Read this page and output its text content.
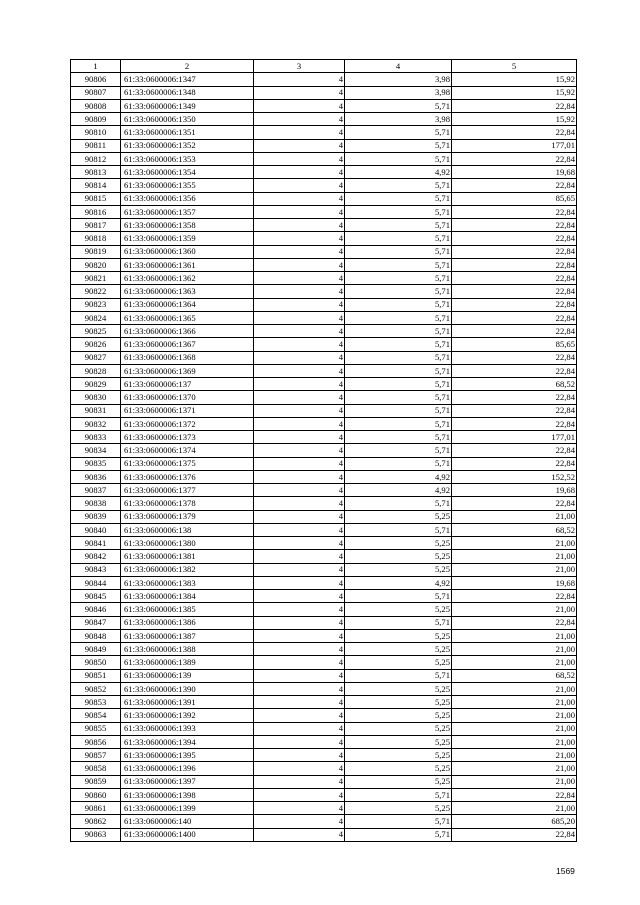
1	2	3	4	5
90806	61:33:0600006:1347	4	3,98	15,92
90807	61:33:0600006:1348	4	3,98	15,92
90808	61:33:0600006:1349	4	5,71	22,84
90809	61:33:0600006:1350	4	3,98	15,92
90810	61:33:0600006:1351	4	5,71	22,84
90811	61:33:0600006:1352	4	5,71	177,01
90812	61:33:0600006:1353	4	5,71	22,84
90813	61:33:0600006:1354	4	4,92	19,68
90814	61:33:0600006:1355	4	5,71	22,84
90815	61:33:0600006:1356	4	5,71	85,65
90816	61:33:0600006:1357	4	5,71	22,84
90817	61:33:0600006:1358	4	5,71	22,84
90818	61:33:0600006:1359	4	5,71	22,84
90819	61:33:0600006:1360	4	5,71	22,84
90820	61:33:0600006:1361	4	5,71	22,84
90821	61:33:0600006:1362	4	5,71	22,84
90822	61:33:0600006:1363	4	5,71	22,84
90823	61:33:0600006:1364	4	5,71	22,84
90824	61:33:0600006:1365	4	5,71	22,84
90825	61:33:0600006:1366	4	5,71	22,84
90826	61:33:0600006:1367	4	5,71	85,65
90827	61:33:0600006:1368	4	5,71	22,84
90828	61:33:0600006:1369	4	5,71	22,84
90829	61:33:0600006:137	4	5,71	68,52
90830	61:33:0600006:1370	4	5,71	22,84
90831	61:33:0600006:1371	4	5,71	22,84
90832	61:33:0600006:1372	4	5,71	22,84
90833	61:33:0600006:1373	4	5,71	177,01
90834	61:33:0600006:1374	4	5,71	22,84
90835	61:33:0600006:1375	4	5,71	22,84
90836	61:33:0600006:1376	4	4,92	152,52
90837	61:33:0600006:1377	4	4,92	19,68
90838	61:33:0600006:1378	4	5,71	22,84
90839	61:33:0600006:1379	4	5,25	21,00
90840	61:33:0600006:138	4	5,71	68,52
90841	61:33:0600006:1380	4	5,25	21,00
90842	61:33:0600006:1381	4	5,25	21,00
90843	61:33:0600006:1382	4	5,25	21,00
90844	61:33:0600006:1383	4	4,92	19,68
90845	61:33:0600006:1384	4	5,71	22,84
90846	61:33:0600006:1385	4	5,25	21,00
90847	61:33:0600006:1386	4	5,71	22,84
90848	61:33:0600006:1387	4	5,25	21,00
90849	61:33:0600006:1388	4	5,25	21,00
90850	61:33:0600006:1389	4	5,25	21,00
90851	61:33:0600006:139	4	5,71	68,52
90852	61:33:0600006:1390	4	5,25	21,00
90853	61:33:0600006:1391	4	5,25	21,00
90854	61:33:0600006:1392	4	5,25	21,00
90855	61:33:0600006:1393	4	5,25	21,00
90856	61:33:0600006:1394	4	5,25	21,00
90857	61:33:0600006:1395	4	5,25	21,00
90858	61:33:0600006:1396	4	5,25	21,00
90859	61:33:0600006:1397	4	5,25	21,00
90860	61:33:0600006:1398	4	5,71	22,84
90861	61:33:0600006:1399	4	5,25	21,00
90862	61:33:0600006:140	4	5,71	685,20
90863	61:33:0600006:1400	4	5,71	22,84
1569
